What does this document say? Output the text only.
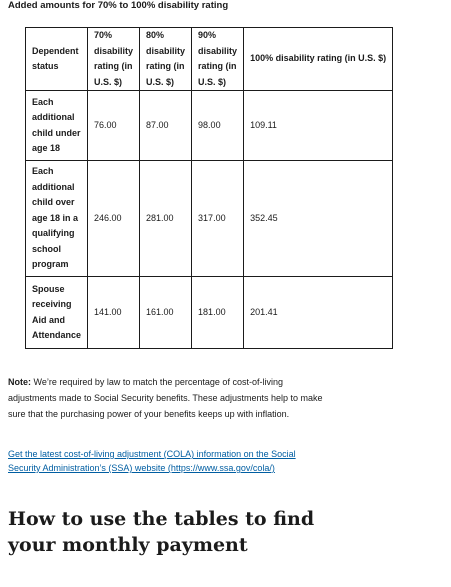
Added amounts for 70% to 100% disability rating
Dependent status	70% disability rating (in U.S. $)	80% disability rating (in U.S. $)	90% disability rating (in U.S. $)	100% disability rating (in U.S. $)
Each additional child under age 18	76.00	87.00	98.00	109.11
Each additional child over age 18 in a qualifying school program	246.00	281.00	317.00	352.45
Spouse receiving Aid and Attendance	141.00	161.00	181.00	201.41
Note: We’re required by law to match the percentage of cost-of-living adjustments made to Social Security benefits. These adjustments help to make sure that the purchasing power of your benefits keeps up with inflation.
Get the latest cost-of-living adjustment (COLA) information on the Social Security Administration’s (SSA) website (https://www.ssa.gov/cola/)
How to use the tables to find your monthly payment
